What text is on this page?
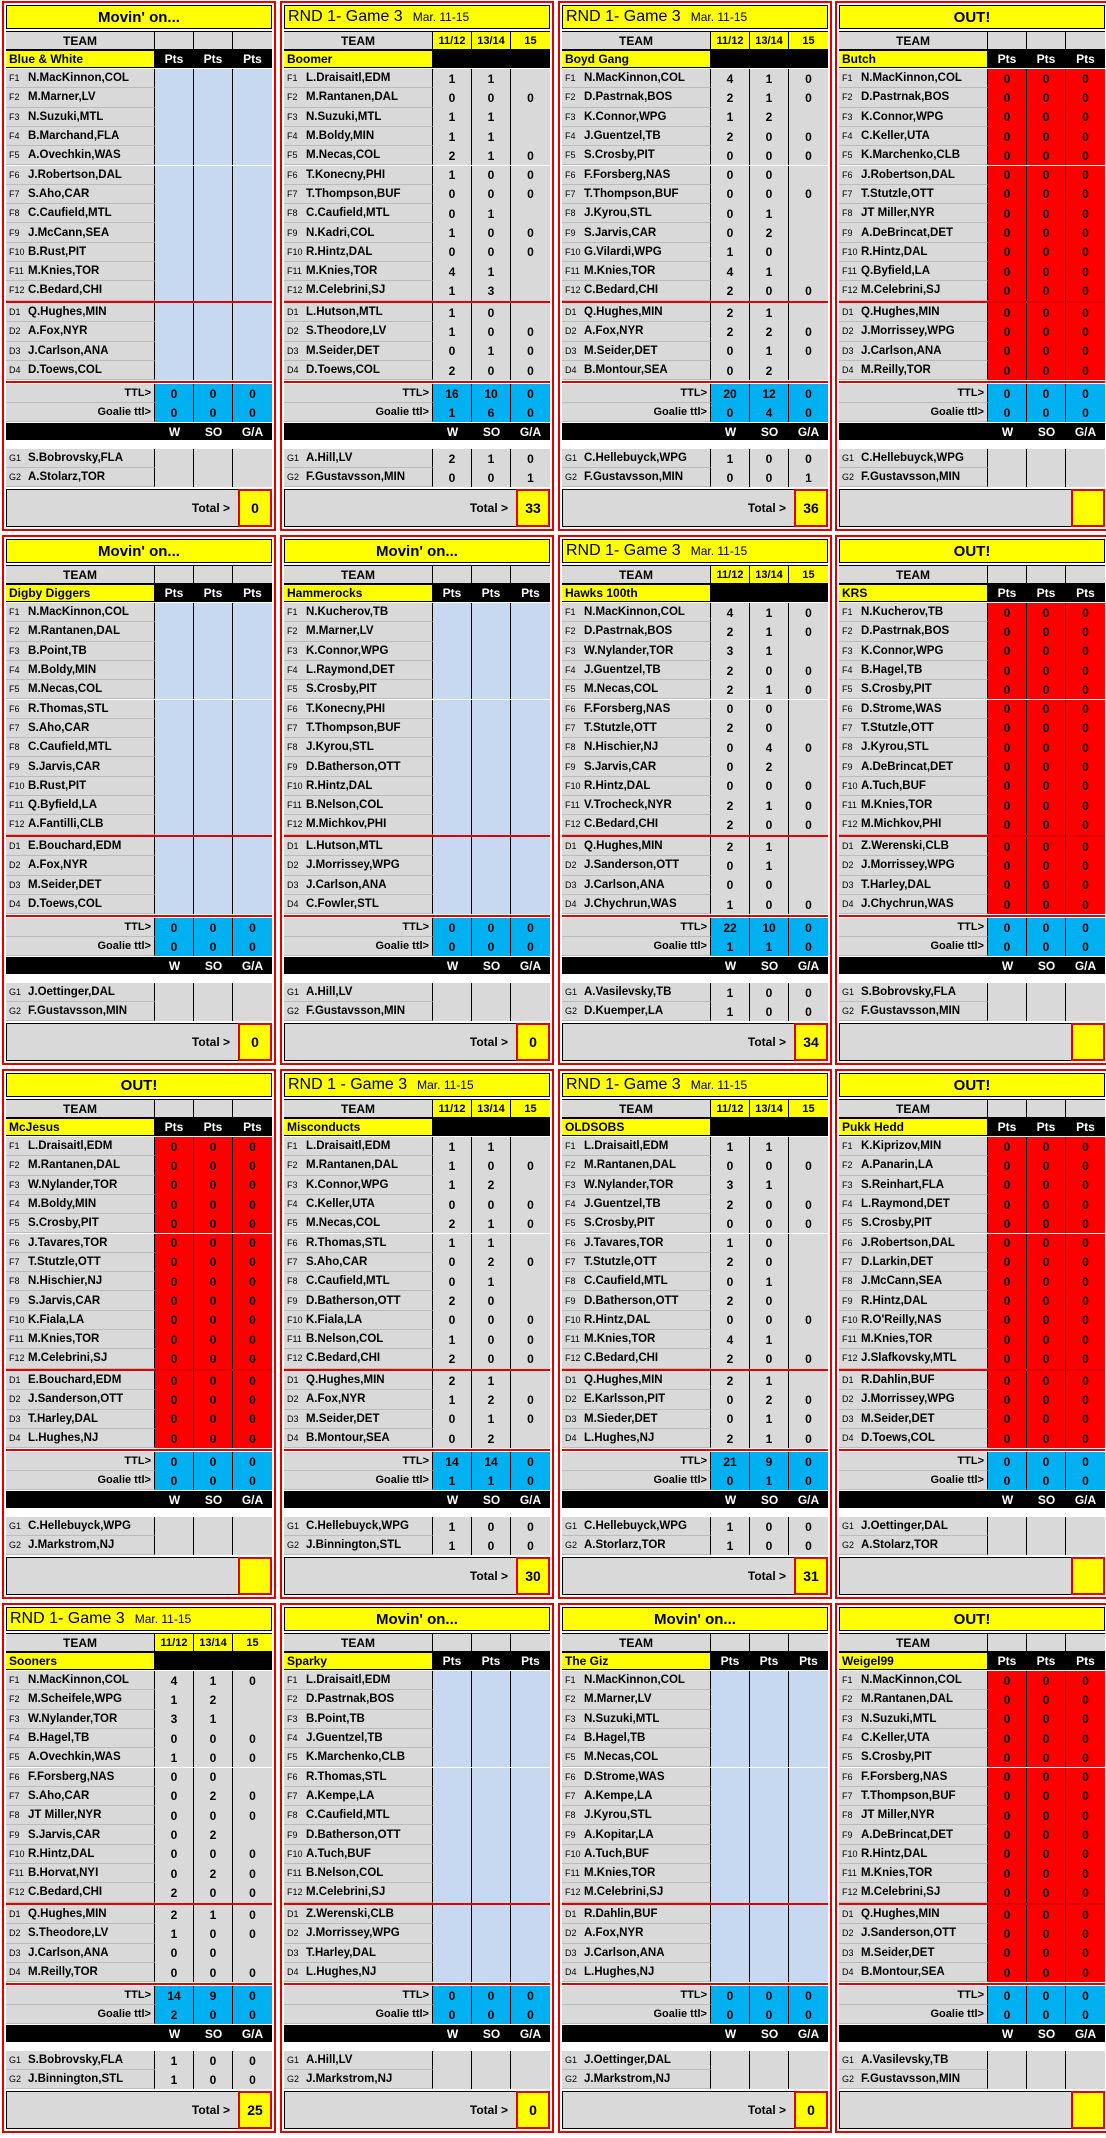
Movin' on...
TEAM
Blue & White	Pts	Pts	Pts
F1 N.MacKinnon,COL
F2 M.Marner,LV
F3 N.Suzuki,MTL
F4 B.Marchand,FLA
F5 A.Ovechkin,WAS
F6 J.Robertson,DAL
F7 S.Aho,CAR
F8 C.Caufield,MTL
F9 J.McCann,SEA
F10 B.Rust,PIT
F11 M.Knies,TOR
F12 C.Bedard,CHI
D1 Q.Hughes,MIN
D2 A.Fox,NYR
D3 J.Carlson,ANA
D4 D.Toews,COL
TTL>	0	0	0
Goalie ttl>	0	0	0
W	SO	G/A
G1 S.Bobrovsky,FLA
G2 A.Stolarz,TOR
Total >	0
RND 1- Game 3 Mar. 11-15
TEAM	11/12	13/14	15
Boomer
F1 L.Draisaitl,EDM	1	1
F2 M.Rantanen,DAL	0	0	0
F3 N.Suzuki,MTL	1	1
F4 M.Boldy,MIN	1	1
F5 M.Necas,COL	2	1	0
F6 T.Konecny,PHI	1	0	0
F7 T.Thompson,BUF	0	0	0
F8 C.Caufield,MTL	0	1
F9 N.Kadri,COL	1	0	0
F10 R.Hintz,DAL	0	0	0
F11 M.Knies,TOR	4	1
F12 M.Celebrini,SJ	1	3
D1 L.Hutson,MTL	1	0
D2 S.Theodore,LV	1	0	0
D3 M.Seider,DET	0	1	0
D4 D.Toews,COL	2	0	0
TTL>	16	10	0
Goalie ttl>	1	6	0
W	SO	G/A
G1 A.Hill,LV	2	1	0
G2 F.Gustavsson,MIN	0	0	1
Total >	33
RND 1- Game 3 Mar. 11-15
TEAM	11/12	13/14	15
Boyd Gang
F1 N.MacKinnon,COL	4	1	0
F2 D.Pastrnak,BOS	2	1	0
F3 K.Connor,WPG	1	2
F4 J.Guentzel,TB	2	0	0
F5 S.Crosby,PIT	0	0	0
F6 F.Forsberg,NAS	0	0
F7 T.Thompson,BUF	0	0	0
F8 J.Kyrou,STL	0	1
F9 S.Jarvis,CAR	0	2
F10 G.Vilardi,WPG	1	0
F11 M.Knies,TOR	4	1
F12 C.Bedard,CHI	2	0	0
D1 Q.Hughes,MIN	2	1
D2 A.Fox,NYR	2	2	0
D3 M.Seider,DET	0	1	0
D4 B.Montour,SEA	0	2
TTL>	20	12	0
Goalie ttl>	0	4	0
W	SO	G/A
G1 C.Hellebuyck,WPG	1	0	0
G2 F.Gustavsson,MIN	0	0	1
Total >	36
OUT!
TEAM
Butch	Pts	Pts	Pts
F1 N.MacKinnon,COL	0	0	0
F2 D.Pastrnak,BOS	0	0	0
F3 K.Connor,WPG	0	0	0
F4 C.Keller,UTA	0	0	0
F5 K.Marchenko,CLB	0	0	0
F6 J.Robertson,DAL	0	0	0
F7 T.Stutzle,OTT	0	0	0
F8 JT Miller,NYR	0	0	0
F9 A.DeBrincat,DET	0	0	0
F10 R.Hintz,DAL	0	0	0
F11 Q.Byfield,LA	0	0	0
F12 M.Celebrini,SJ	0	0	0
D1 Q.Hughes,MIN	0	0	0
D2 J.Morrissey,WPG	0	0	0
D3 J.Carlson,ANA	0	0	0
D4 M.Reilly,TOR	0	0	0
TTL>	0	0	0
Goalie ttl>	0	0	0
W	SO	G/A
G1 C.Hellebuyck,WPG
G2 F.Gustavsson,MIN
Movin' on...
TEAM
Digby Diggers	Pts	Pts	Pts
F1 N.MacKinnon,COL
F2 M.Rantanen,DAL
F3 B.Point,TB
F4 M.Boldy,MIN
F5 M.Necas,COL
F6 R.Thomas,STL
F7 S.Aho,CAR
F8 C.Caufield,MTL
F9 S.Jarvis,CAR
F10 B.Rust,PIT
F11 Q.Byfield,LA
F12 A.Fantilli,CLB
D1 E.Bouchard,EDM
D2 A.Fox,NYR
D3 M.Seider,DET
D4 D.Toews,COL
TTL>	0	0	0
Goalie ttl>	0	0	0
W	SO	G/A
G1 J.Oettinger,DAL
G2 F.Gustavsson,MIN
Total >	0
Movin' on...
TEAM
Hammerocks	Pts	Pts	Pts
F1 N.Kucherov,TB
F2 M.Marner,LV
F3 K.Connor,WPG
F4 L.Raymond,DET
F5 S.Crosby,PIT
F6 T.Konecny,PHI
F7 T.Thompson,BUF
F8 J.Kyrou,STL
F9 D.Batherson,OTT
F10 R.Hintz,DAL
F11 B.Nelson,COL
F12 M.Michkov,PHI
D1 L.Hutson,MTL
D2 J.Morrissey,WPG
D3 J.Carlson,ANA
D4 C.Fowler,STL
TTL>	0	0	0
Goalie ttl>	0	0	0
W	SO	G/A
G1 A.Hill,LV
G2 F.Gustavsson,MIN
Total >	0
RND 1- Game 3 Mar. 11-15
TEAM	11/12	13/14	15
Hawks 100th
F1 N.MacKinnon,COL	4	1	0
F2 D.Pastrnak,BOS	2	1	0
F3 W.Nylander,TOR	3	1
F4 J.Guentzel,TB	2	0	0
F5 M.Necas,COL	2	1	0
F6 F.Forsberg,NAS	0	0
F7 T.Stutzle,OTT	2	0
F8 N.Hischier,NJ	0	4	0
F9 S.Jarvis,CAR	0	2
F10 R.Hintz,DAL	0	0	0
F11 V.Trocheck,NYR	2	1	0
F12 C.Bedard,CHI	2	0	0
D1 Q.Hughes,MIN	2	1
D2 J.Sanderson,OTT	0	1
D3 J.Carlson,ANA	0	0
D4 J.Chychrun,WAS	1	0	0
TTL>	22	10	0
Goalie ttl>	1	1	0
W	SO	G/A
G1 A.Vasilevsky,TB	1	0	0
G2 D.Kuemper,LA	1	0	0
Total >	34
OUT!
TEAM
KRS	Pts	Pts	Pts
F1 N.Kucherov,TB	0	0	0
F2 D.Pastrnak,BOS	0	0	0
F3 K.Connor,WPG	0	0	0
F4 B.Hagel,TB	0	0	0
F5 S.Crosby,PIT	0	0	0
F6 D.Strome,WAS	0	0	0
F7 T.Stutzle,OTT	0	0	0
F8 J.Kyrou,STL	0	0	0
F9 A.DeBrincat,DET	0	0	0
F10 A.Tuch,BUF	0	0	0
F11 M.Knies,TOR	0	0	0
F12 M.Michkov,PHI	0	0	0
D1 Z.Werenski,CLB	0	0	0
D2 J.Morrissey,WPG	0	0	0
D3 T.Harley,DAL	0	0	0
D4 J.Chychrun,WAS	0	0	0
TTL>	0	0	0
Goalie ttl>	0	0	0
W	SO	G/A
G1 S.Bobrovsky,FLA
G2 F.Gustavsson,MIN
OUT!
TEAM
McJesus	Pts	Pts	Pts
F1 L.Draisaitl,EDM	0	0	0
F2 M.Rantanen,DAL	0	0	0
F3 W.Nylander,TOR	0	0	0
F4 M.Boldy,MIN	0	0	0
F5 S.Crosby,PIT	0	0	0
F6 J.Tavares,TOR	0	0	0
F7 T.Stutzle,OTT	0	0	0
F8 N.Hischier,NJ	0	0	0
F9 S.Jarvis,CAR	0	0	0
F10 K.Fiala,LA	0	0	0
F11 M.Knies,TOR	0	0	0
F12 M.Celebrini,SJ	0	0	0
D1 E.Bouchard,EDM	0	0	0
D2 J.Sanderson,OTT	0	0	0
D3 T.Harley,DAL	0	0	0
D4 L.Hughes,NJ	0	0	0
TTL>	0	0	0
Goalie ttl>	0	0	0
W	SO	G/A
G1 C.Hellebuyck,WPG
G2 J.Markstrom,NJ
RND 1 - Game 3 Mar. 11-15
TEAM	11/12	13/14	15
Misconducts
F1 L.Draisaitl,EDM	1	1
F2 M.Rantanen,DAL	1	0	0
F3 K.Connor,WPG	1	2
F4 C.Keller,UTA	0	0	0
F5 M.Necas,COL	2	1	0
F6 R.Thomas,STL	1	1
F7 S.Aho,CAR	0	2	0
F8 C.Caufield,MTL	0	1
F9 D.Batherson,OTT	2	0
F10 K.Fiala,LA	0	0	0
F11 B.Nelson,COL	1	0	0
F12 C.Bedard,CHI	2	0	0
D1 Q.Hughes,MIN	2	1
D2 A.Fox,NYR	1	2	0
D3 M.Seider,DET	0	1	0
D4 B.Montour,SEA	0	2
TTL>	14	14	0
Goalie ttl>	1	1	0
W	SO	G/A
G1 C.Hellebuyck,WPG	1	0	0
G2 J.Binnington,STL	1	0	0
Total >	30
RND 1- Game 3 Mar. 11-15
TEAM	11/12	13/14	15
OLDSOBS
F1 L.Draisaitl,EDM	1	1
F2 M.Rantanen,DAL	0	0	0
F3 W.Nylander,TOR	3	1
F4 J.Guentzel,TB	2	0	0
F5 S.Crosby,PIT	0	0	0
F6 J.Tavares,TOR	1	0
F7 T.Stutzle,OTT	2	0
F8 C.Caufield,MTL	0	1
F9 D.Batherson,OTT	2	0
F10 R.Hintz,DAL	0	0	0
F11 M.Knies,TOR	4	1
F12 C.Bedard,CHI	2	0	0
D1 Q.Hughes,MIN	2	1
D2 E.Karlsson,PIT	0	2	0
D3 M.Sieder,DET	0	1	0
D4 L.Hughes,NJ	2	1	0
TTL>	21	9	0
Goalie ttl>	0	1	0
W	SO	G/A
G1 C.Hellebuyck,WPG	1	0	0
G2 A.Storlarz,TOR	1	0	0
Total >	31
OUT!
TEAM
Pukk Hedd	Pts	Pts	Pts
F1 K.Kiprizov,MIN	0	0	0
F2 A.Panarin,LA	0	0	0
F3 S.Reinhart,FLA	0	0	0
F4 L.Raymond,DET	0	0	0
F5 S.Crosby,PIT	0	0	0
F6 J.Robertson,DAL	0	0	0
F7 D.Larkin,DET	0	0	0
F8 J.McCann,SEA	0	0	0
F9 R.Hintz,DAL	0	0	0
F10 R.O'Reilly,NAS	0	0	0
F11 M.Knies,TOR	0	0	0
F12 J.Slafkovsky,MTL	0	0	0
D1 R.Dahlin,BUF	0	0	0
D2 J.Morrissey,WPG	0	0	0
D3 M.Seider,DET	0	0	0
D4 D.Toews,COL	0	0	0
TTL>	0	0	0
Goalie ttl>	0	0	0
W	SO	G/A
G1 J.Oettinger,DAL
G2 A.Stolarz,TOR
RND 1- Game 3 Mar. 11-15
TEAM	11/12	13/14	15
Sooners
F1 N.MacKinnon,COL	4	1	0
F2 M.Scheifele,WPG	1	2
F3 W.Nylander,TOR	3	1
F4 B.Hagel,TB	0	0	0
F5 A.Ovechkin,WAS	1	0	0
F6 F.Forsberg,NAS	0	0
F7 S.Aho,CAR	0	2	0
F8 JT Miller,NYR	0	0	0
F9 S.Jarvis,CAR	0	2
F10 R.Hintz,DAL	0	0	0
F11 B.Horvat,NYI	0	2	0
F12 C.Bedard,CHI	2	0	0
D1 Q.Hughes,MIN	2	1	0
D2 S.Theodore,LV	1	0	0
D3 J.Carlson,ANA	0	0
D4 M.Reilly,TOR	0	0	0
TTL>	14	9	0
Goalie ttl>	2	0	0
W	SO	G/A
G1 S.Bobrovsky,FLA	1	0	0
G2 J.Binnington,STL	1	0	0
Total >	25
Movin' on...
TEAM
Sparky	Pts	Pts	Pts
F1 L.Draisaitl,EDM
F2 D.Pastrnak,BOS
F3 B.Point,TB
F4 J.Guentzel,TB
F5 K.Marchenko,CLB
F6 R.Thomas,STL
F7 A.Kempe,LA
F8 C.Caufield,MTL
F9 D.Batherson,OTT
F10 A.Tuch,BUF
F11 B.Nelson,COL
F12 M.Celebrini,SJ
D1 Z.Werenski,CLB
D2 J.Morrissey,WPG
D3 T.Harley,DAL
D4 L.Hughes,NJ
TTL>	0	0	0
Goalie ttl>	0	0	0
W	SO	G/A
G1 A.Hill,LV
G2 J.Markstrom,NJ
Total >	0
Movin' on...
TEAM
The Giz	Pts	Pts	Pts
F1 N.MacKinnon,COL
F2 M.Marner,LV
F3 N.Suzuki,MTL
F4 B.Hagel,TB
F5 M.Necas,COL
F6 D.Strome,WAS
F7 A.Kempe,LA
F8 J.Kyrou,STL
F9 A.Kopitar,LA
F10 A.Tuch,BUF
F11 M.Knies,TOR
F12 M.Celebrini,SJ
D1 R.Dahlin,BUF
D2 A.Fox,NYR
D3 J.Carlson,ANA
D4 L.Hughes,NJ
TTL>	0	0	0
Goalie ttl>	0	0	0
W	SO	G/A
G1 J.Oettinger,DAL
G2 J.Markstrom,NJ
Total >	0
OUT!
TEAM
Weigel99	Pts	Pts	Pts
F1 N.MacKinnon,COL	0	0	0
F2 M.Rantanen,DAL	0	0	0
F3 N.Suzuki,MTL	0	0	0
F4 C.Keller,UTA	0	0	0
F5 S.Crosby,PIT	0	0	0
F6 F.Forsberg,NAS	0	0	0
F7 T.Thompson,BUF	0	0	0
F8 JT Miller,NYR	0	0	0
F9 A.DeBrincat,DET	0	0	0
F10 R.Hintz,DAL	0	0	0
F11 M.Knies,TOR	0	0	0
F12 M.Celebrini,SJ	0	0	0
D1 Q.Hughes,MIN	0	0	0
D2 J.Sanderson,OTT	0	0	0
D3 M.Seider,DET	0	0	0
D4 B.Montour,SEA	0	0	0
TTL>	0	0	0
Goalie ttl>	0	0	0
W	SO	G/A
G1 A.Vasilevsky,TB
G2 F.Gustavsson,MIN
